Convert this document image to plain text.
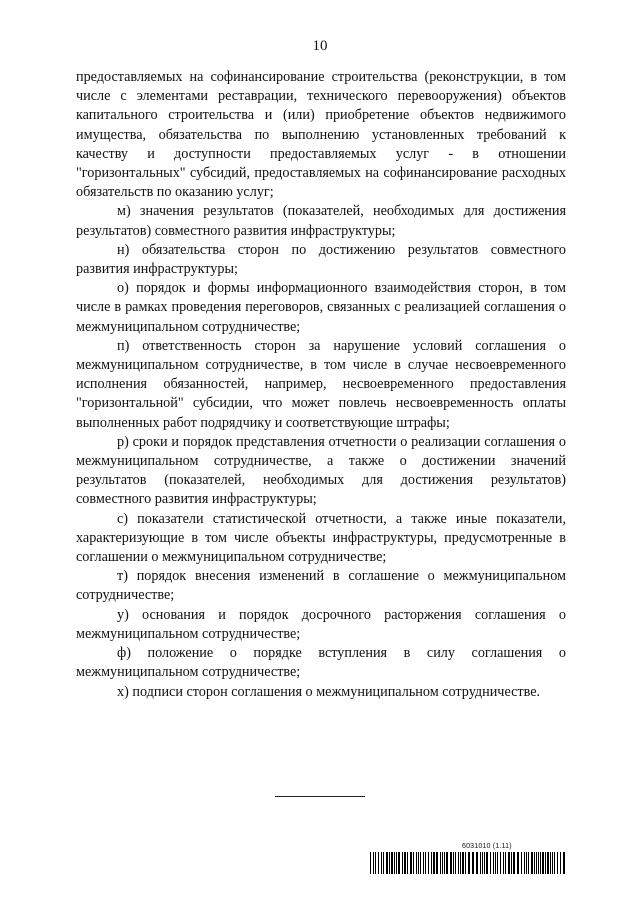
10

предоставляемых на софинансирование строительства (реконструкции, в том числе с элементами реставрации, технического перевооружения) объектов капитального строительства и (или) приобретение объектов недвижимого имущества, обязательства по выполнению установленных требований к качеству и доступности предоставляемых услуг - в отношении "горизонтальных" субсидий, предоставляемых на софинансирование расходных обязательств по оказанию услуг;

м) значения результатов (показателей, необходимых для достижения результатов) совместного развития инфраструктуры;

н) обязательства сторон по достижению результатов совместного развития инфраструктуры;

о) порядок и формы информационного взаимодействия сторон, в том числе в рамках проведения переговоров, связанных с реализацией соглашения о межмуниципальном сотрудничестве;

п) ответственность сторон за нарушение условий соглашения о межмуниципальном сотрудничестве, в том числе в случае несвоевременного исполнения обязанностей, например, несвоевременного предоставления "горизонтальной" субсидии, что может повлечь несвоевременность оплаты выполненных работ подрядчику и соответствующие штрафы;

р) сроки и порядок представления отчетности о реализации соглашения о межмуниципальном сотрудничестве, а также о достижении значений результатов (показателей, необходимых для достижения результатов) совместного развития инфраструктуры;

с) показатели статистической отчетности, а также иные показатели, характеризующие в том числе объекты инфраструктуры, предусмотренные в соглашении о межмуниципальном сотрудничестве;

т) порядок внесения изменений в соглашение о межмуниципальном сотрудничестве;

у) основания и порядок досрочного расторжения соглашения о межмуниципальном сотрудничестве;

ф) положение о порядке вступления в силу соглашения о межмуниципальном сотрудничестве;

х) подписи сторон соглашения о межмуниципальном сотрудничестве.

6031010 (1.11)
